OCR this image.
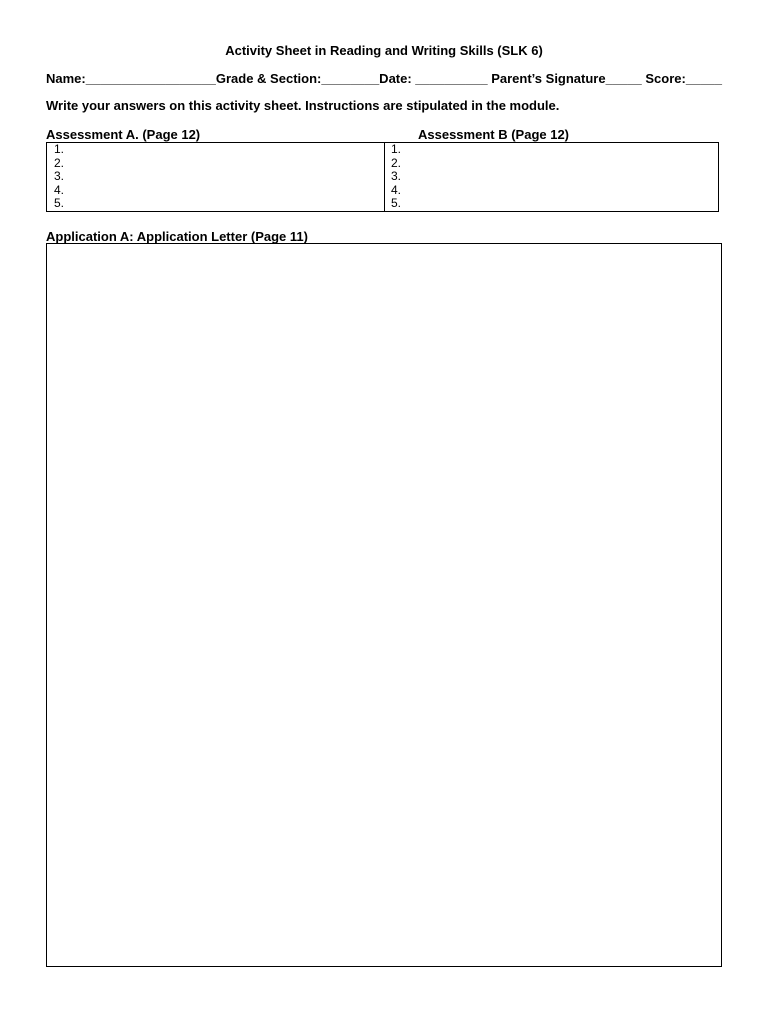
Activity Sheet in Reading and Writing Skills (SLK 6)
Name:__________________Grade & Section:________Date: __________ Parent’s Signature_____ Score:_____
Write your answers on this activity sheet. Instructions are stipulated in the module.
Assessment A. (Page 12)	Assessment B (Page 12)
1.
2.
3.
4.
5.
1.
2.
3.
4.
5.
Application A: Application Letter (Page 11)
